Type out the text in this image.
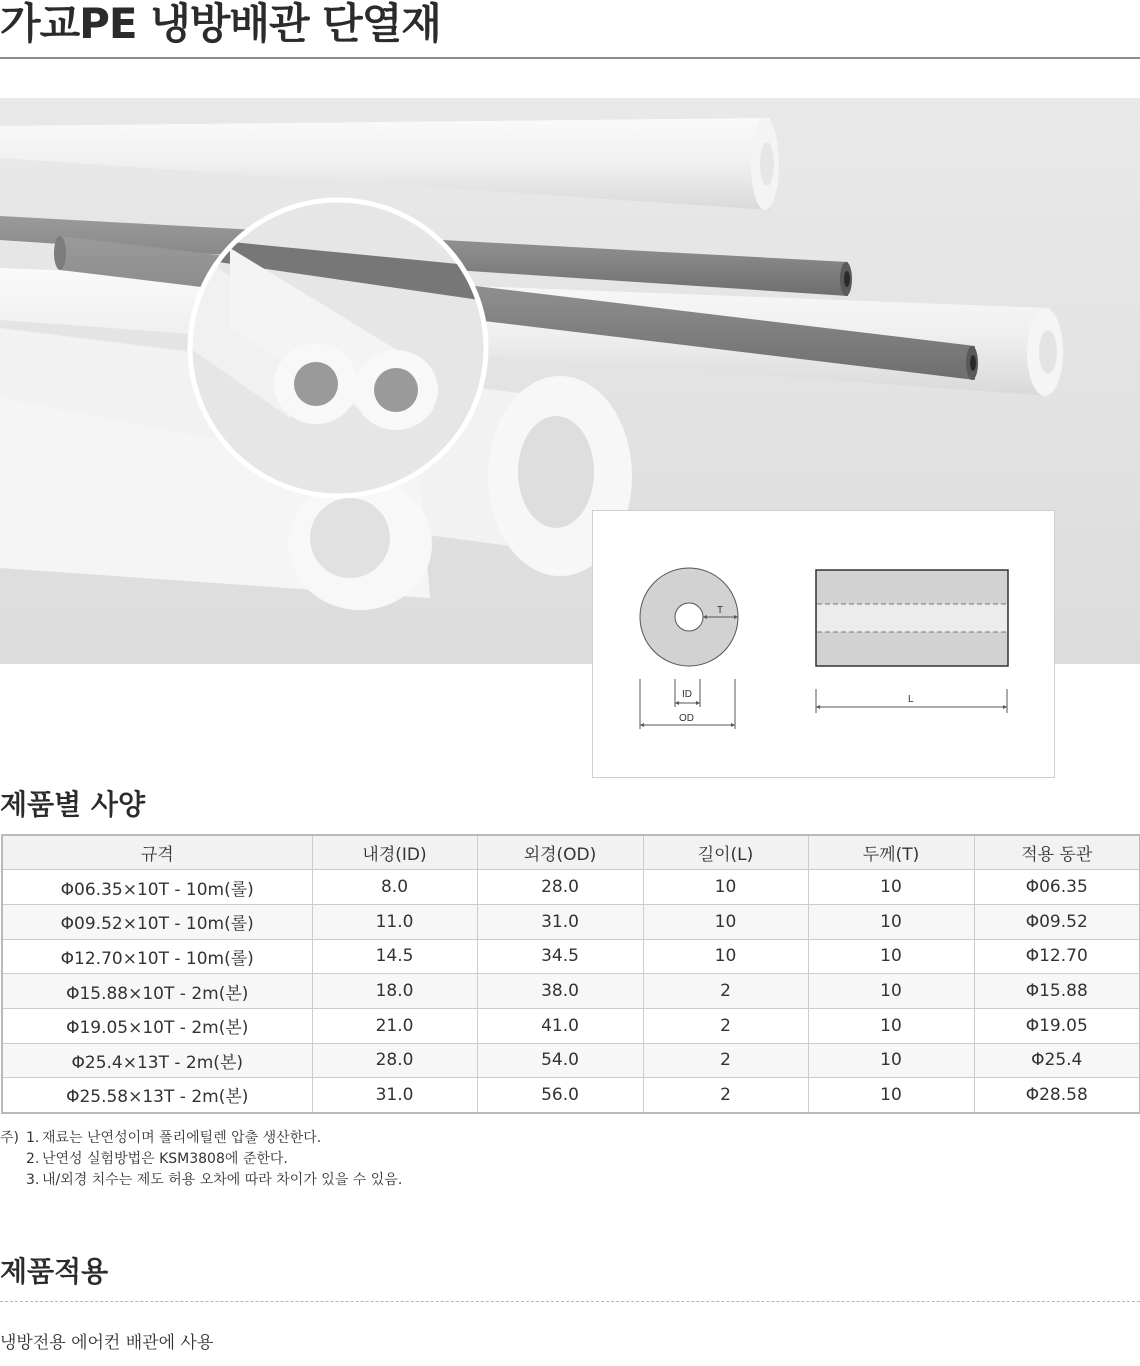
가교PE 냉방배관 단열재
T
ID
OD
L
제품별 사양
규격	내경(ID)	외경(OD)	길이(L)	두께(T)	적용 동관
Φ06.35×10T - 10m(롤)	8.0	28.0	10	10	Φ06.35
Φ09.52×10T - 10m(롤)	11.0	31.0	10	10	Φ09.52
Φ12.70×10T - 10m(롤)	14.5	34.5	10	10	Φ12.70
Φ15.88×10T - 2m(본)	18.0	38.0	2	10	Φ15.88
Φ19.05×10T - 2m(본)	21.0	41.0	2	10	Φ19.05
Φ25.4×13T - 2m(본)	28.0	54.0	2	10	Φ25.4
Φ25.58×13T - 2m(본)	31.0	56.0	2	10	Φ28.58
주) 1. 재료는 난연성이며 폴리에틸렌 압출 생산한다.
2. 난연성 실험방법은 KSM3808에 준한다.
3. 내/외경 치수는 제도 허용 오차에 따라 차이가 있을 수 있음.
제품적용
냉방전용 에어컨 배관에 사용
